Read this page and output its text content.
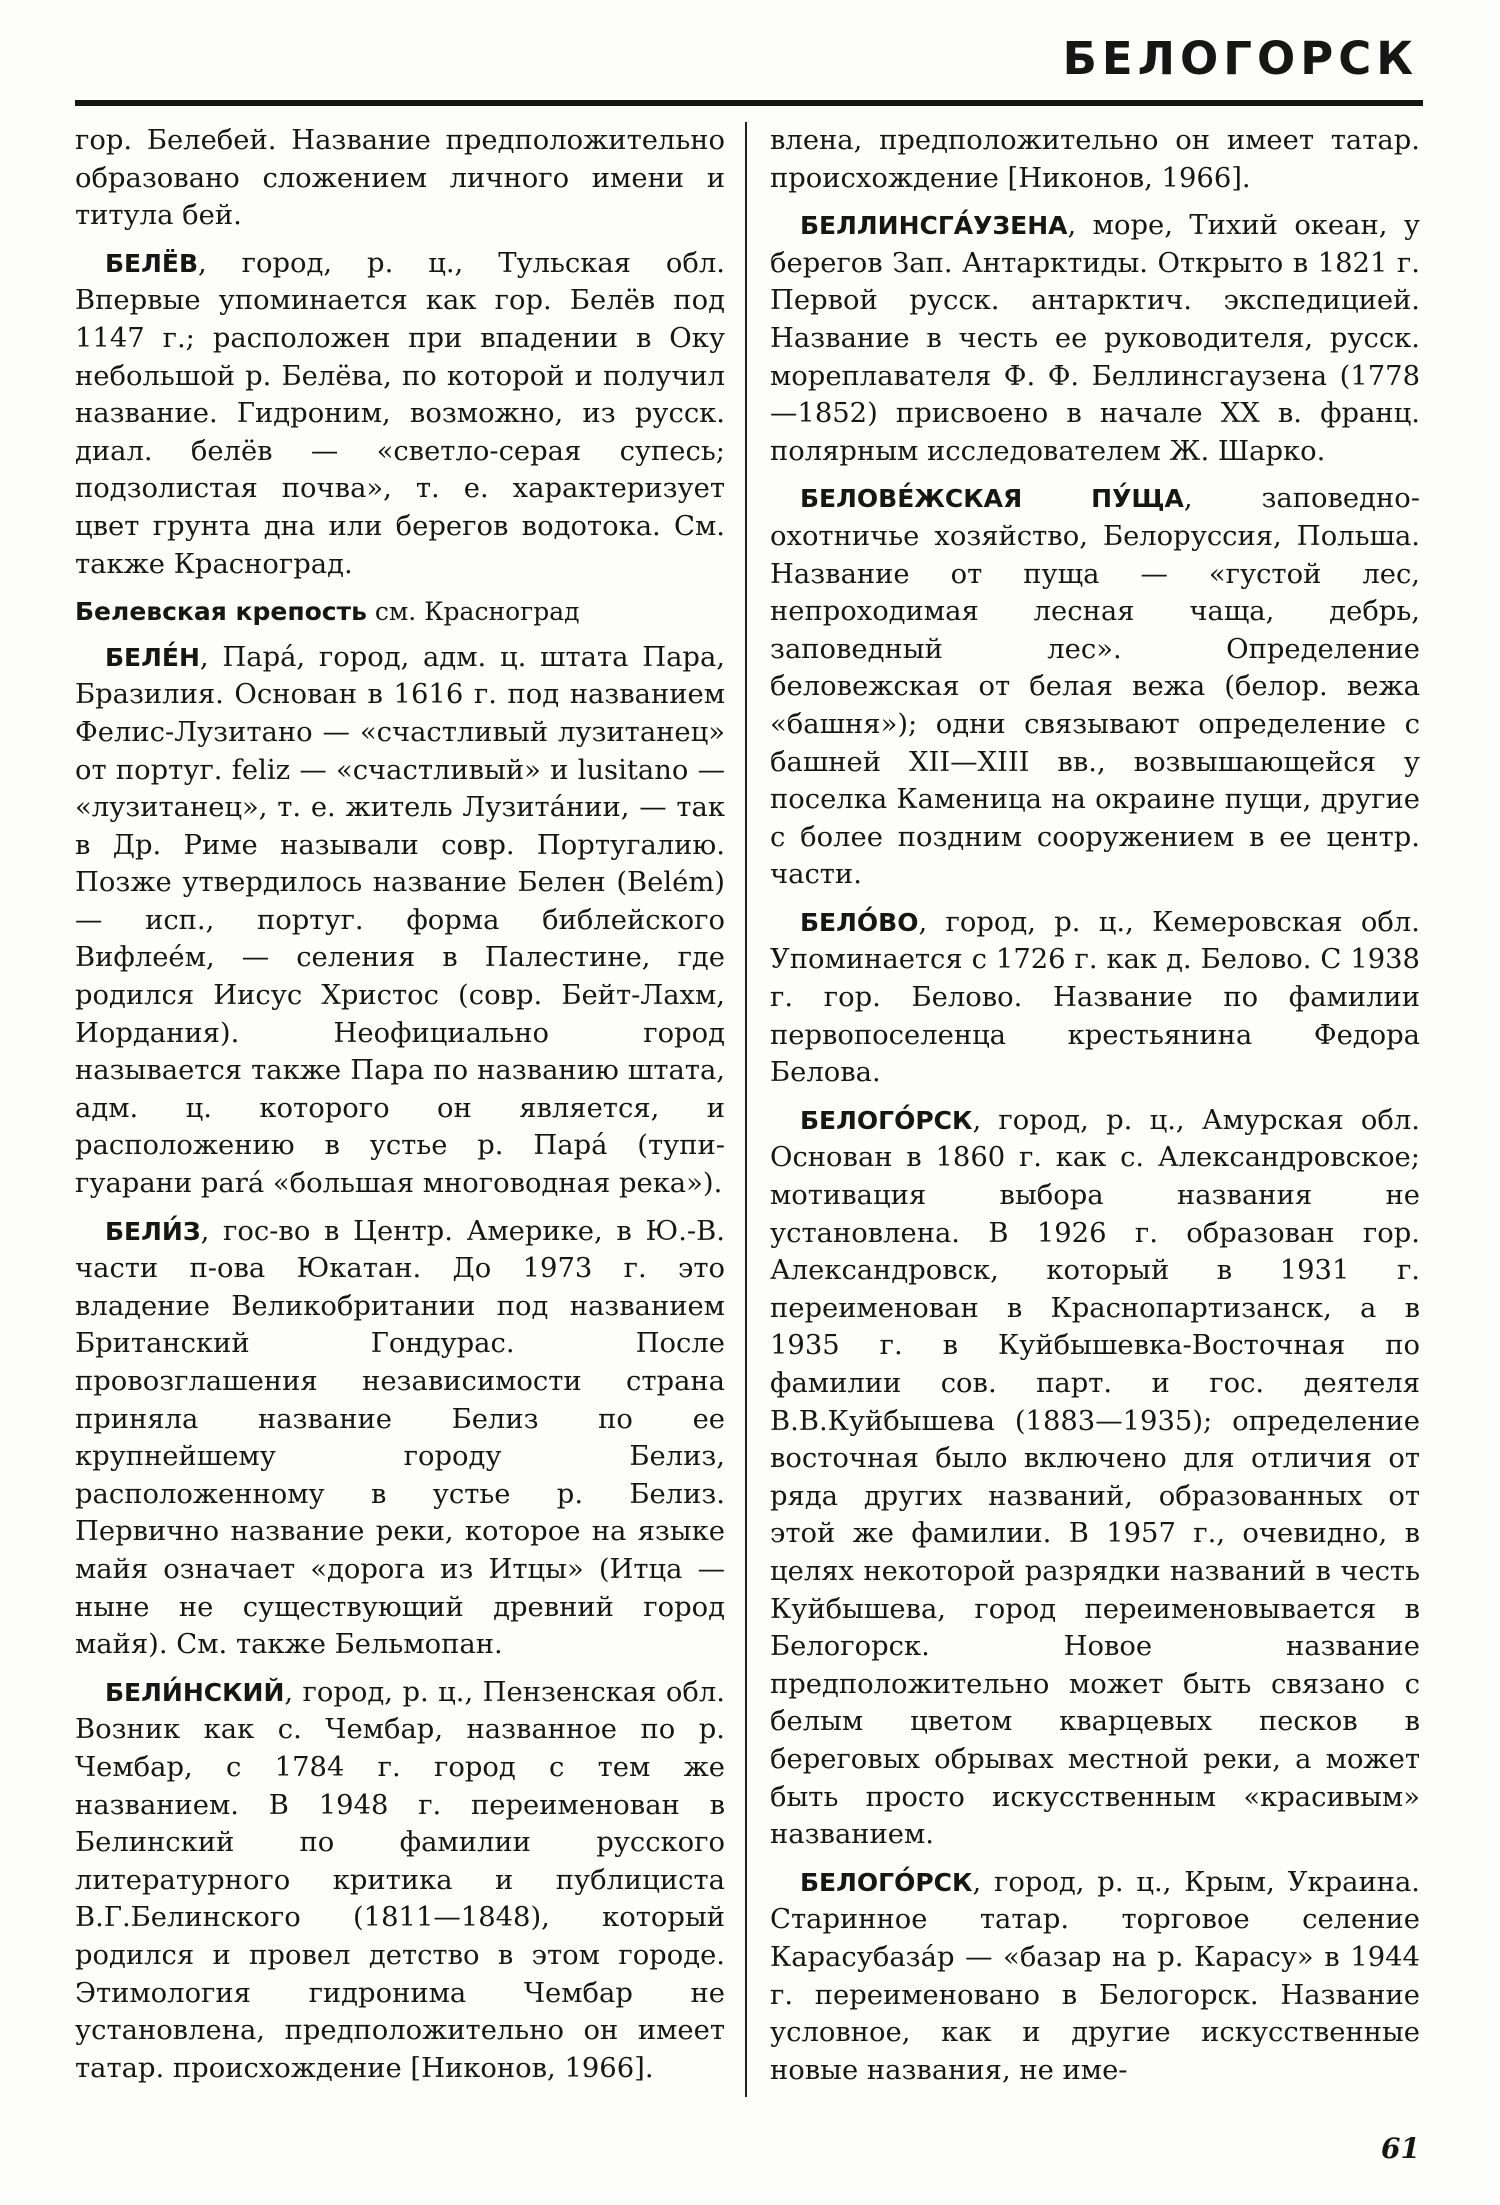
БЕЛОГОРСК

гор. Белебей. Название предположительно образовано сложением личного имени и титула бей.

БЕЛЁВ, город, р. ц., Тульская обл. Впервые упоминается как гор. Белёв под 1147 г.; расположен при впадении в Оку небольшой р. Белёва, по которой и получил название. Гидроним, возможно, из русск. диал. белёв — «светло-серая супесь; подзолистая почва», т. е. характеризует цвет грунта дна или берегов водотока. См. также Красноград.

Белевская крепость см. Красноград

БЕЛЕ́Н, Пара́, город, адм. ц. штата Пара, Бразилия. Основан в 1616 г. под названием Фелис-Лузитано — «счастливый лузитанец» от португ. feliz — «счастливый» и lusitano — «лузитанец», т. е. житель Лузита́нии, — так в Др. Риме называли совр. Португалию. Позже утвердилось название Белен (Belém) — исп., португ. форма библейского Вифлее́м, — селения в Палестине, где родился Иисус Христос (совр. Бейт-Лахм, Иордания). Неофициально город называется также Пара по названию штата, адм. ц. которого он является, и расположению в устье р. Пара́ (тупи-гуарани pará «большая многоводная река»).

БЕЛИ́З, гос-во в Центр. Америке, в Ю.-В. части п-ова Юкатан. До 1973 г. это владение Великобритании под названием Британский Гондурас. После провозглашения независимости страна приняла название Белиз по ее крупнейшему городу Белиз, расположенному в устье р. Белиз. Первично название реки, которое на языке майя означает «дорога из Итцы» (Итца — ныне не существующий древний город майя). См. также Бельмопан.

БЕЛИ́НСКИЙ, город, р. ц., Пензенская обл. Возник как с. Чембар, названное по р. Чембар, с 1784 г. город с тем же названием. В 1948 г. переименован в Белинский по фамилии русского литературного критика и публициста В.Г.Белинского (1811—1848), который родился и провел детство в этом городе. Этимология гидронима Чембар не установлена, предположительно он имеет татар. происхождение [Никонов, 1966].

влена, предположительно он имеет татар. происхождение [Никонов, 1966].

БЕЛЛИНСГА́УЗЕНА, море, Тихий океан, у берегов Зап. Антарктиды. Открыто в 1821 г. Первой русск. антарктич. экспедицией. Название в честь ее руководителя, русск. мореплавателя Ф. Ф. Беллинсгаузена (1778—1852) присвоено в начале XX в. франц. полярным исследователем Ж. Шарко.

БЕЛОВЕ́ЖСКАЯ ПУ́ЩА, заповедно-охотничье хозяйство, Белоруссия, Польша. Название от пуща — «густой лес, непроходимая лесная чаща, дебрь, заповедный лес». Определение беловежская от белая вежа (белор. вежа «башня»); одни связывают определение с башней XII—XIII вв., возвышающейся у поселка Каменица на окраине пущи, другие с более поздним сооружением в ее центр. части.

БЕЛО́ВО, город, р. ц., Кемеровская обл. Упоминается с 1726 г. как д. Белово. С 1938 г. гор. Белово. Название по фамилии первопоселенца крестьянина Федора Белова.

БЕЛОГО́РСК, город, р. ц., Амурская обл. Основан в 1860 г. как с. Александровское; мотивация выбора названия не установлена. В 1926 г. образован гор. Александровск, который в 1931 г. переименован в Краснопартизанск, а в 1935 г. в Куйбышевка-Восточная по фамилии сов. парт. и гос. деятеля В.В.Куйбышева (1883—1935); определение восточная было включено для отличия от ряда других названий, образованных от этой же фамилии. В 1957 г., очевидно, в целях некоторой разрядки названий в честь Куйбышева, город переименовывается в Белогорск. Новое название предположительно может быть связано с белым цветом кварцевых песков в береговых обрывах местной реки, а может быть просто искусственным «красивым» названием.

БЕЛОГО́РСК, город, р. ц., Крым, Украина. Старинное татар. торговое селение Карасубаза́р — «базар на р. Карасу» в 1944 г. переименовано в Белогорск. Название условное, как и другие искусственные новые названия, не име-

61
